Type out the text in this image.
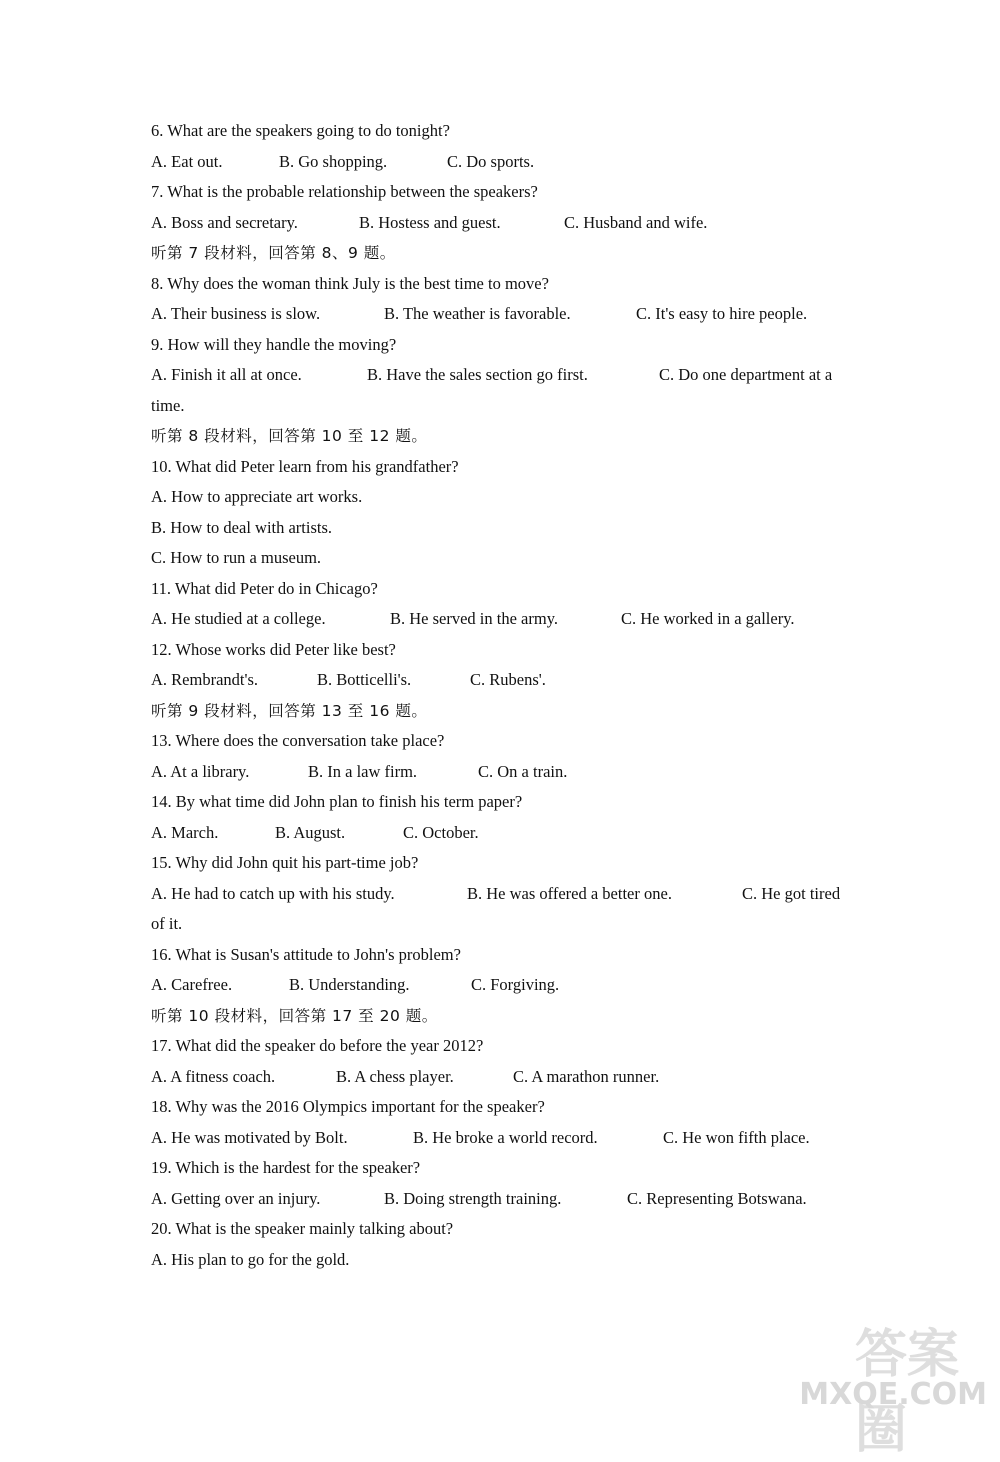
6. What are the speakers going to do tonight?
A. Eat out.	B. Go shopping.	C. Do sports.
7. What is the probable relationship between the speakers?
A. Boss and secretary.	B. Hostess and guest.	C. Husband and wife.
听第 7 段材料，回答第 8、9 题。
8. Why does the woman think July is the best time to move?
A. Their business is slow.	B. The weather is favorable.	C. It's easy to hire people.
9. How will they handle the moving?
A. Finish it all at once.	B. Have the sales section go first.	C. Do one department at a
time.
听第 8 段材料，回答第 10 至 12 题。
10. What did Peter learn from his grandfather?
A. How to appreciate art works.
B. How to deal with artists.
C. How to run a museum.
11. What did Peter do in Chicago?
A. He studied at a college.	B. He served in the army.	C. He worked in a gallery.
12. Whose works did Peter like best?
A. Rembrandt's.	B. Botticelli's.	C. Rubens'.
听第 9 段材料，回答第 13 至 16 题。
13. Where does the conversation take place?
A. At a library.	B. In a law firm.	C. On a train.
14. By what time did John plan to finish his term paper?
A. March.	B. August.	C. October.
15. Why did John quit his part-time job?
A. He had to catch up with his study.	B. He was offered a better one.	C. He got tired
of it.
16. What is Susan's attitude to John's problem?
A. Carefree.	B. Understanding.	C. Forgiving.
听第 10 段材料，回答第 17 至 20 题。
17. What did the speaker do before the year 2012?
A. A fitness coach.	B. A chess player.	C. A marathon runner.
18. Why was the 2016 Olympics important for the speaker?
A. He was motivated by Bolt.	B. He broke a world record.	C. He won fifth place.
19. Which is the hardest for the speaker?
A. Getting over an injury.	B. Doing strength training.	C. Representing Botswana.
20. What is the speaker mainly talking about?
A. His plan to go for the gold.
答案圈
MXQE.COM
